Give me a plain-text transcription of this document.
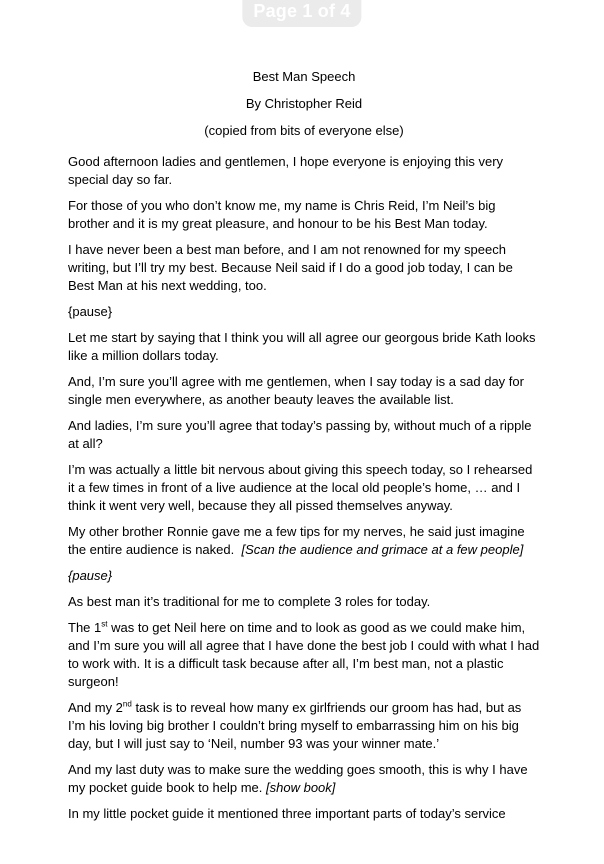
Page 1 of 4
Best Man Speech
By Christopher Reid
(copied from bits of everyone else)

Good afternoon ladies and gentlemen, I hope everyone is enjoying this very special day so far.

For those of you who don’t know me, my name is Chris Reid, I’m Neil’s big brother and it is my great pleasure, and honour to be his Best Man today.

I have never been a best man before, and I am not renowned for my speech writing, but I’ll try my best. Because Neil said if I do a good job today, I can be Best Man at his next wedding, too.

{pause}

Let me start by saying that I think you will all agree our georgous bride Kath looks like a million dollars today.

And, I’m sure you’ll agree with me gentlemen, when I say today is a sad day for single men everywhere, as another beauty leaves the available list.

And ladies, I’m sure you’ll agree that today’s passing by, without much of a ripple at all?

I’m was actually a little bit nervous about giving this speech today, so I rehearsed it a few times in front of a live audience at the local old people’s home, … and I think it went very well, because they all pissed themselves anyway.

My other brother Ronnie gave me a few tips for my nerves, he said just imagine the entire audience is naked.  [Scan the audience and grimace at a few people]

{pause}

As best man it’s traditional for me to complete 3 roles for today.

The 1st was to get Neil here on time and to look as good as we could make him, and I’m sure you will all agree that I have done the best job I could with what I had to work with. It is a difficult task because after all, I’m best man, not a plastic surgeon!

And my 2nd task is to reveal how many ex girlfriends our groom has had, but as I’m his loving big brother I couldn’t bring myself to embarrassing him on his big day, but I will just say to ‘Neil, number 93 was your winner mate.’

And my last duty was to make sure the wedding goes smooth, this is why I have my pocket guide book to help me. [show book]

In my little pocket guide it mentioned three important parts of today’s service
